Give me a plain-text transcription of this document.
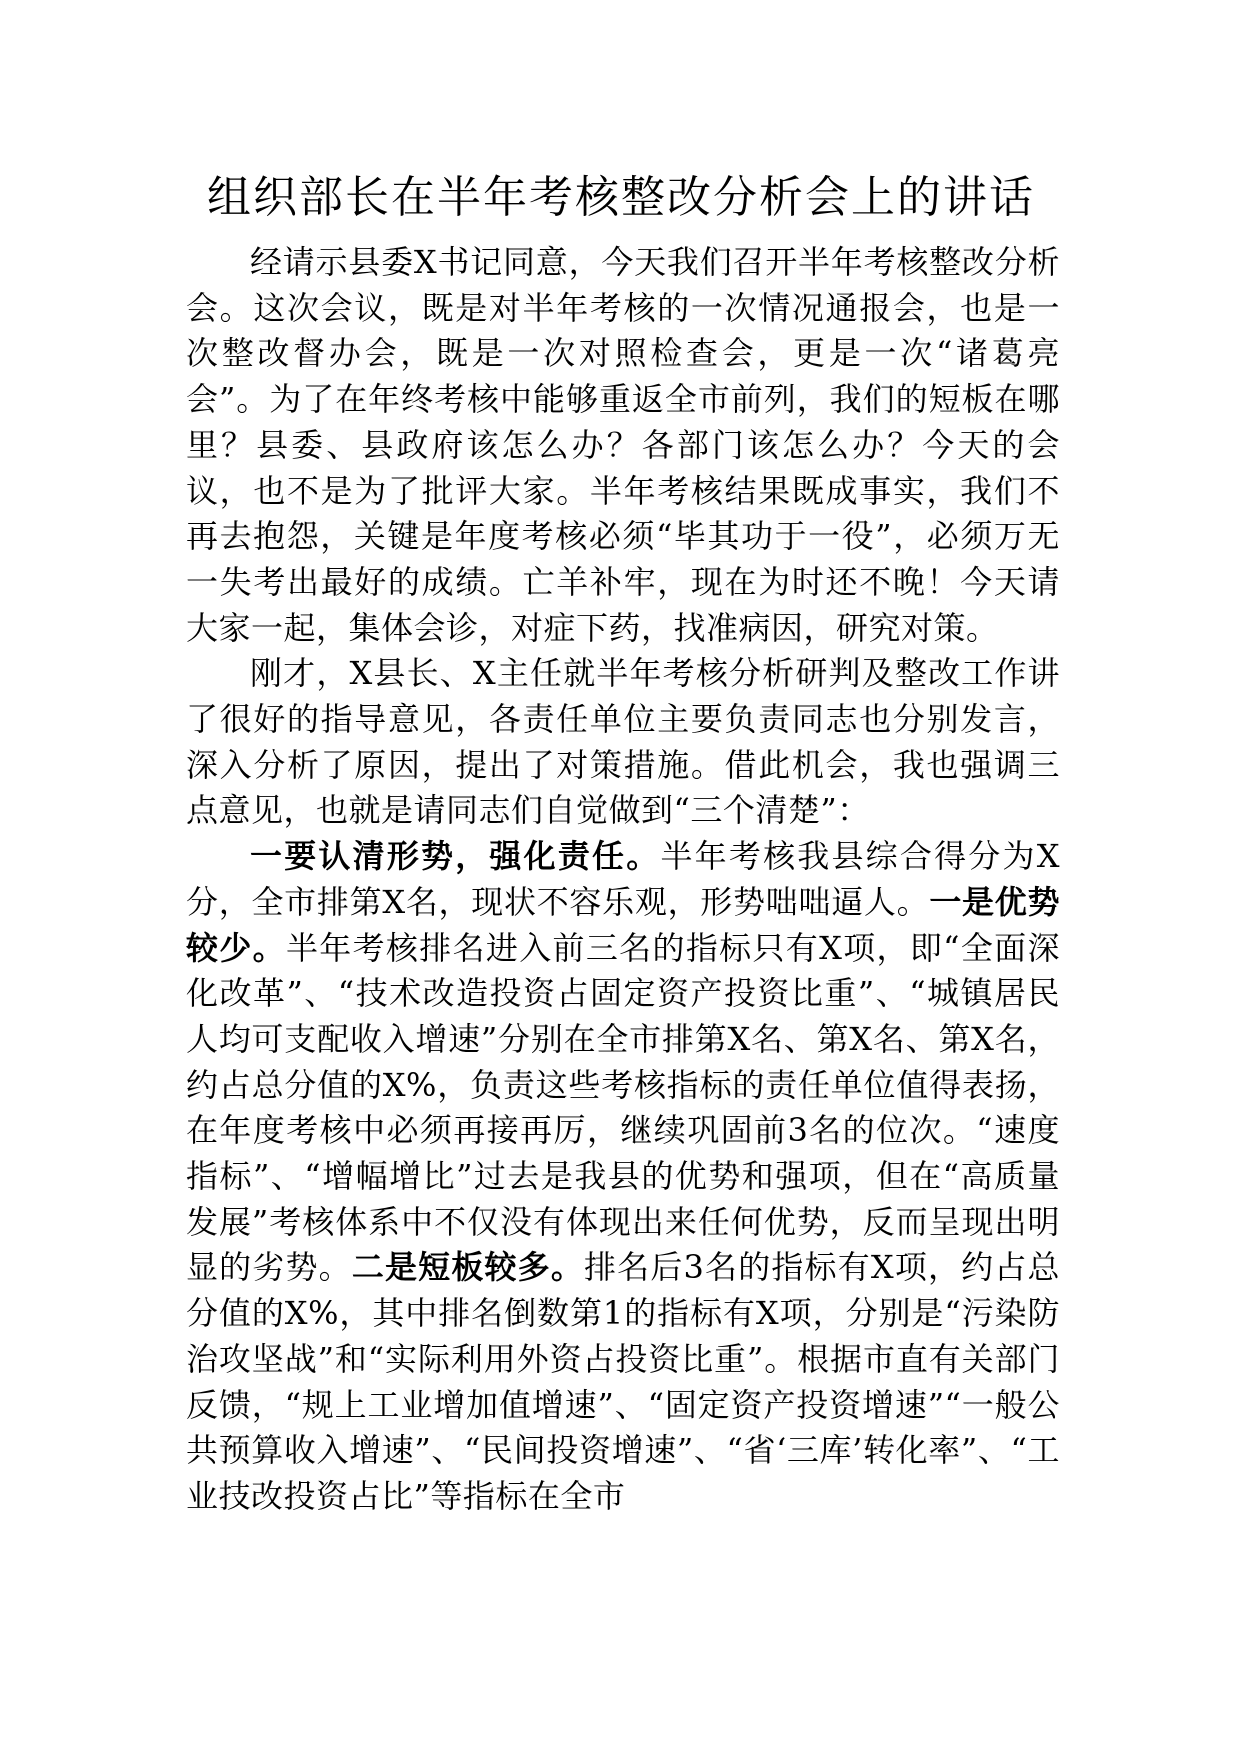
组织部长在半年考核整改分析会上的讲话

经请示县委X书记同意，今天我们召开半年考核整改分析会。这次会议，既是对半年考核的一次情况通报会，也是一次整改督办会，既是一次对照检查会，更是一次“诸葛亮会”。为了在年终考核中能够重返全市前列，我们的短板在哪里？县委、县政府该怎么办？各部门该怎么办？今天的会议，也不是为了批评大家。半年考核结果既成事实，我们不再去抱怨，关键是年度考核必须“毕其功于一役”，必须万无一失考出最好的成绩。亡羊补牢，现在为时还不晚！今天请大家一起，集体会诊，对症下药，找准病因，研究对策。

刚才，X县长、X主任就半年考核分析研判及整改工作讲了很好的指导意见，各责任单位主要负责同志也分别发言，深入分析了原因，提出了对策措施。借此机会，我也强调三点意见，也就是请同志们自觉做到“三个清楚”：

一要认清形势，强化责任。半年考核我县综合得分为X分，全市排第X名，现状不容乐观，形势咄咄逼人。一是优势较少。半年考核排名进入前三名的指标只有X项，即“全面深化改革”、“技术改造投资占固定资产投资比重”、“城镇居民人均可支配收入增速”分别在全市排第X名、第X名、第X名，约占总分值的X%，负责这些考核指标的责任单位值得表扬，在年度考核中必须再接再厉，继续巩固前3名的位次。“速度指标”、“增幅增比”过去是我县的优势和强项，但在“高质量发展”考核体系中不仅没有体现出来任何优势，反而呈现出明显的劣势。二是短板较多。排名后3名的指标有X项，约占总分值的X%，其中排名倒数第1的指标有X项，分别是“污染防治攻坚战”和“实际利用外资占投资比重”。根据市直有关部门反馈，“规上工业增加值增速”、“固定资产投资增速”“一般公共预算收入增速”、“民间投资增速”、“省‘三库’转化率”、“工业技改投资占比”等指标在全市
